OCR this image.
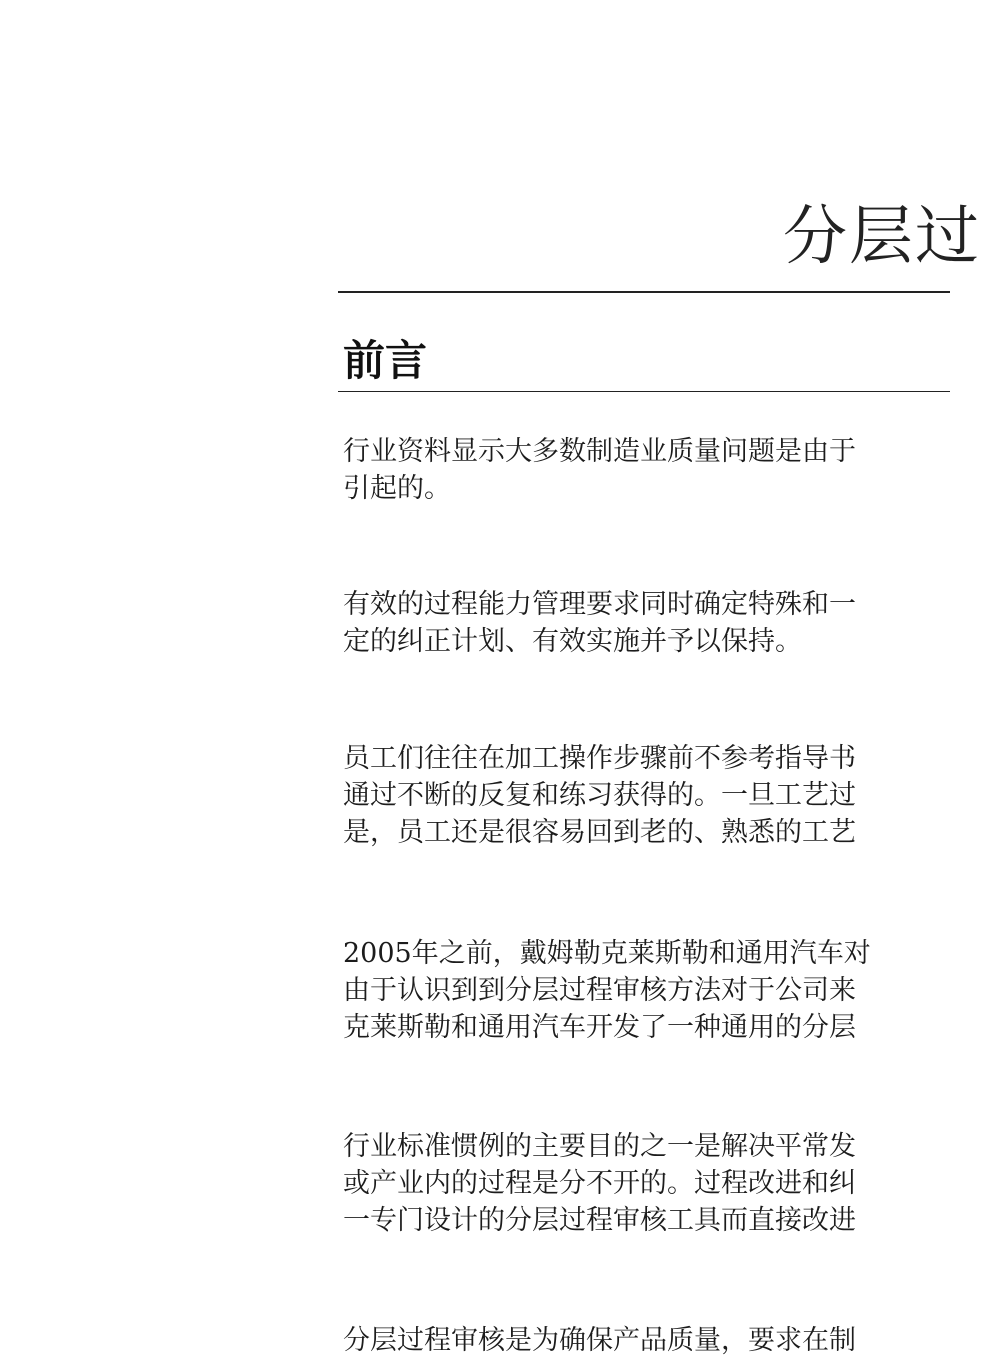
分层过
前言

行业资料显示大多数制造业质量问题是由于
引起的。

有效的过程能力管理要求同时确定特殊和一
定的纠正计划、有效实施并予以保持。

员工们往往在加工操作步骤前不参考指导书
通过不断的反复和练习获得的。一旦工艺过
是，员工还是很容易回到老的、熟悉的工艺

2005年之前，戴姆勒克莱斯勒和通用汽车对
由于认识到到分层过程审核方法对于公司来
克莱斯勒和通用汽车开发了一种通用的分层

行业标准惯例的主要目的之一是解决平常发
或产业内的过程是分不开的。过程改进和纠
一专门设计的分层过程审核工具而直接改进

分层过程审核是为确保产品质量，要求在制
